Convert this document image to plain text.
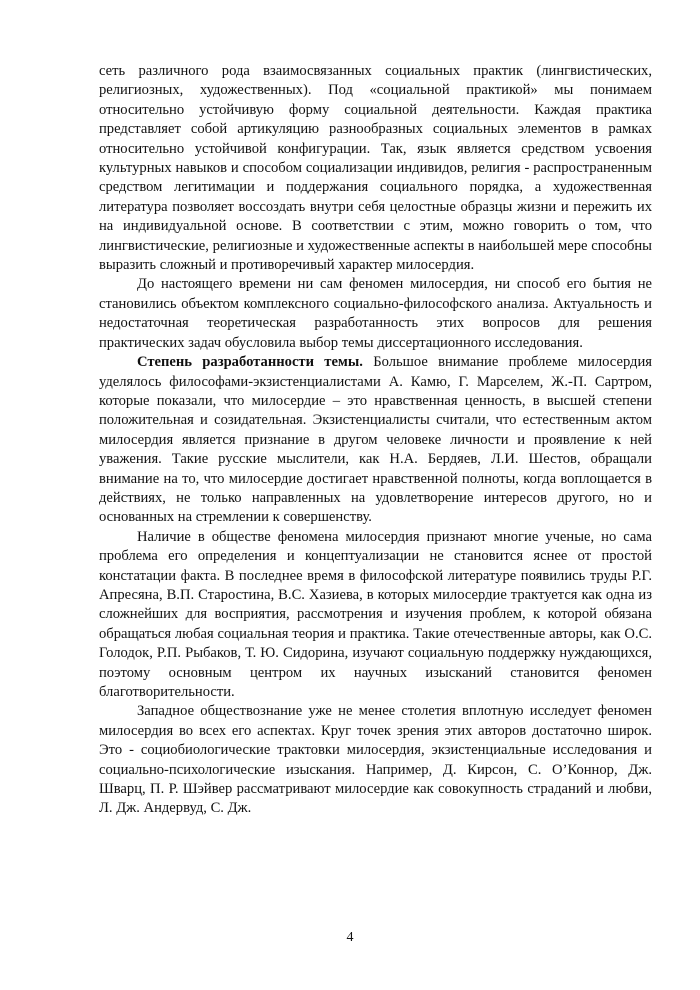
сеть различного рода взаимосвязанных социальных практик (лингвистических, религиозных, художественных). Под «социальной практикой» мы понимаем относительно устойчивую форму социальной деятельности. Каждая практика представляет собой артикуляцию разнообразных социальных элементов в рамках относительно устойчивой конфигурации. Так, язык является средством усвоения культурных навыков и способом социализации индивидов, религия - распространенным средством легитимации и поддержания социального порядка, а художественная литература позволяет воссоздать внутри себя целостные образцы жизни и пережить их на индивидуальной основе. В соответствии с этим, можно говорить о том, что лингвистические, религиозные и художественные аспекты в наибольшей мере способны выразить сложный и противоречивый характер милосердия.

До настоящего времени ни сам феномен милосердия, ни способ его бытия не становились объектом комплексного социально-философского анализа. Актуальность и недостаточная теоретическая разработанность этих вопросов для решения практических задач обусловила выбор темы диссертационного исследования.

Степень разработанности темы. Большое внимание проблеме милосердия уделялось философами-экзистенциалистами А. Камю, Г. Марселем, Ж.-П. Сартром, которые показали, что милосердие – это нравственная ценность, в высшей степени положительная и созидательная. Экзистенциалисты считали, что естественным актом милосердия является признание в другом человеке личности и проявление к ней уважения. Такие русские мыслители, как Н.А. Бердяев, Л.И. Шестов, обращали внимание на то, что милосердие достигает нравственной полноты, когда воплощается в действиях, не только направленных на удовлетворение интересов другого, но и основанных на стремлении к совершенству.

Наличие в обществе феномена милосердия признают многие ученые, но сама проблема его определения и концептуализации не становится яснее от простой констатации факта. В последнее время в философской литературе появились труды Р.Г. Апресяна, В.П. Старостина, В.С. Хазиева, в которых милосердие трактуется как одна из сложнейших для восприятия, рассмотрения и изучения проблем, к которой обязана обращаться любая социальная теория и практика. Такие отечественные авторы, как О.С. Голодок, Р.П. Рыбаков, Т. Ю. Сидорина, изучают социальную поддержку нуждающихся, поэтому основным центром их научных изысканий становится феномен благотворительности.

Западное обществознание уже не менее столетия вплотную исследует феномен милосердия во всех его аспектах. Круг точек зрения этих авторов достаточно широк. Это - социобиологические трактовки милосердия, экзистенциальные исследования и социально-психологические изыскания. Например, Д. Кирсон, С. О’Коннор, Дж. Шварц, П. Р. Шэйвер рассматривают милосердие как совокупность страданий и любви, Л. Дж. Андервуд, С. Дж.

4
